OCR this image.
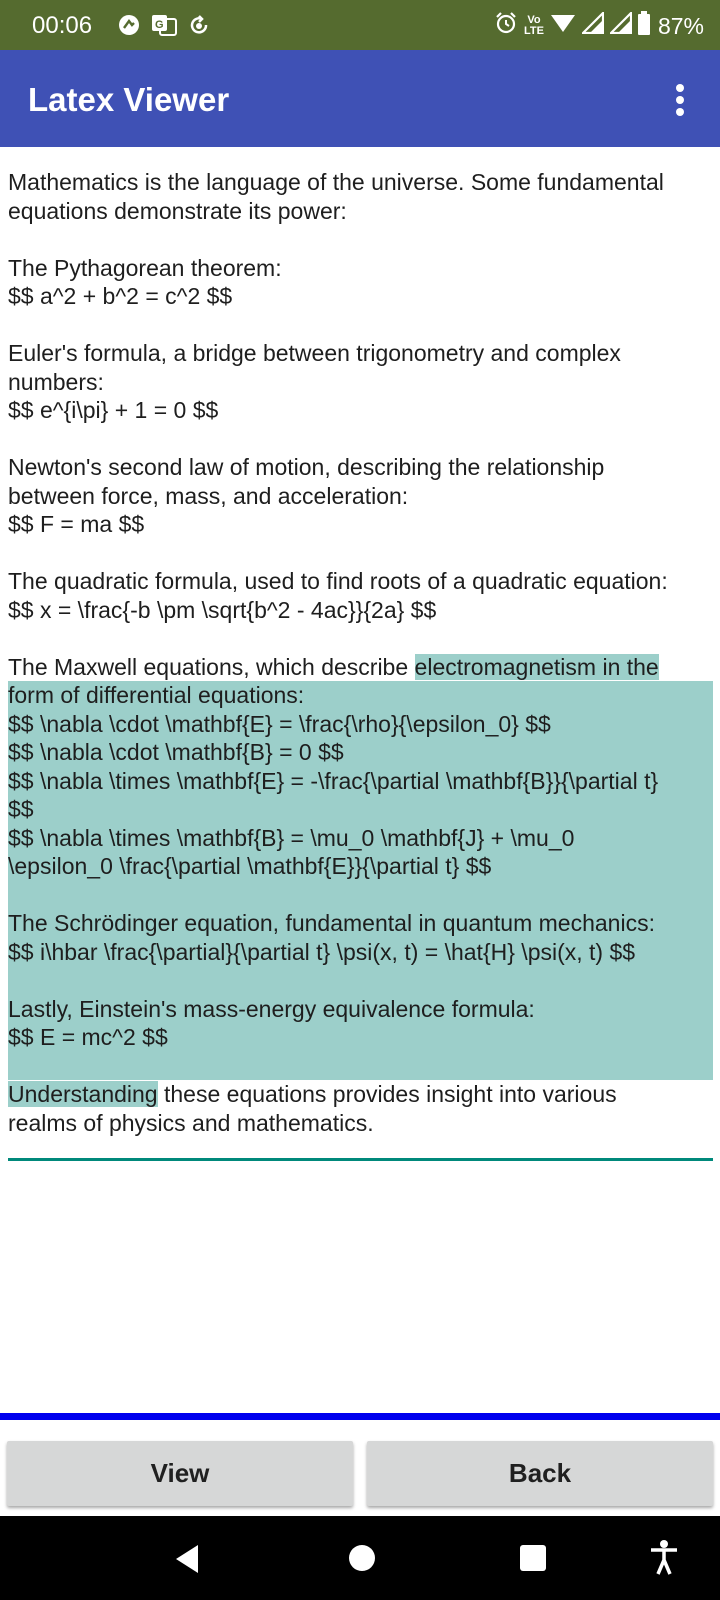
00:06	G	Vo
LTE	87%
Latex Viewer
Mathematics is the language of the universe. Some fundamental
equations demonstrate its power:
The Pythagorean theorem:
$$ a^2 + b^2 = c^2 $$
Euler's formula, a bridge between trigonometry and complex
numbers:
$$ e^{i\pi} + 1 = 0 $$
Newton's second law of motion, describing the relationship
between force, mass, and acceleration:
$$ F = ma $$
The quadratic formula, used to find roots of a quadratic equation:
$$ x = \frac{-b \pm \sqrt{b^2 - 4ac}}{2a} $$
The Maxwell equations, which describe electromagnetism in the
form of differential equations:
$$ \nabla \cdot \mathbf{E} = \frac{\rho}{\epsilon_0} $$
$$ \nabla \cdot \mathbf{B} = 0 $$
$$ \nabla \times \mathbf{E} = -\frac{\partial \mathbf{B}}{\partial t}
$$
$$ \nabla \times \mathbf{B} = \mu_0 \mathbf{J} + \mu_0
\epsilon_0 \frac{\partial \mathbf{E}}{\partial t} $$

The Schrödinger equation, fundamental in quantum mechanics:
$$ i\hbar \frac{\partial}{\partial t} \psi(x, t) = \hat{H} \psi(x, t) $$

Lastly, Einstein's mass-energy equivalence formula:
$$ E = mc^2 $$

Understanding these equations provides insight into various
realms of physics and mathematics.
View	Back
